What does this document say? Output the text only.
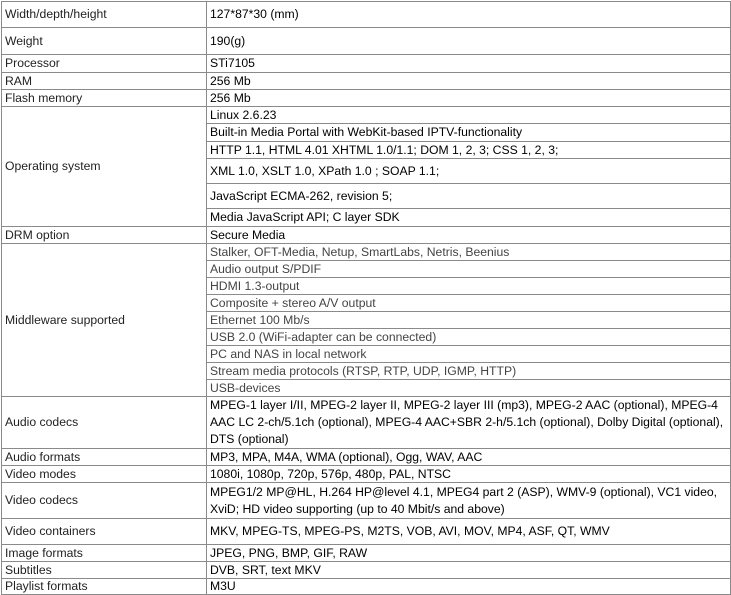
Width/depth/height	127*87*30 (mm)
Weight	190(g)
Processor	STi7105
RAM	256 Mb
Flash memory	256 Mb
Operating system	Linux 2.6.23
	Built-in Media Portal with WebKit-based IPTV-functionality
	HTTP 1.1, HTML 4.01 XHTML 1.0/1.1; DOM 1, 2, 3; CSS 1, 2, 3;
	XML 1.0, XSLT 1.0, XPath 1.0 ; SOAP 1.1;
	JavaScript ECMA-262, revision 5;
	Media JavaScript API; C layer SDK
DRM option	Secure Media
Middleware supported	Stalker, OFT-Media, Netup, SmartLabs, Netris, Beenius
	Audio output S/PDIF
	HDMI 1.3-output
	Composite + stereo A/V output
	Ethernet 100 Mb/s
	USB 2.0 (WiFi-adapter can be connected)
	PC and NAS in local network
	Stream media protocols (RTSP, RTP, UDP, IGMP, HTTP)
	USB-devices
Audio codecs	MPEG-1 layer I/II, MPEG-2 layer II, MPEG-2 layer III (mp3), MPEG-2 AAC (optional), MPEG-4 AAC LC 2-ch/5.1ch (optional), MPEG-4 AAC+SBR 2-h/5.1ch (optional), Dolby Digital (optional), DTS (optional)
Audio formats	MP3, MPA, M4A, WMA (optional), Ogg, WAV, AAC
Video modes	1080i, 1080p, 720p, 576p, 480p, PAL, NTSC
Video codecs	MPEG1/2 MP@HL, H.264 HP@level 4.1, MPEG4 part 2 (ASP), WMV-9 (optional), VC1 video, XviD; HD video supporting (up to 40 Mbit/s and above)
Video containers	MKV, MPEG-TS, MPEG-PS, M2TS, VOB, AVI, MOV, MP4, ASF, QT, WMV
Image formats	JPEG, PNG, BMP, GIF, RAW
Subtitles	DVB, SRT, text MKV
Playlist formats	M3U
